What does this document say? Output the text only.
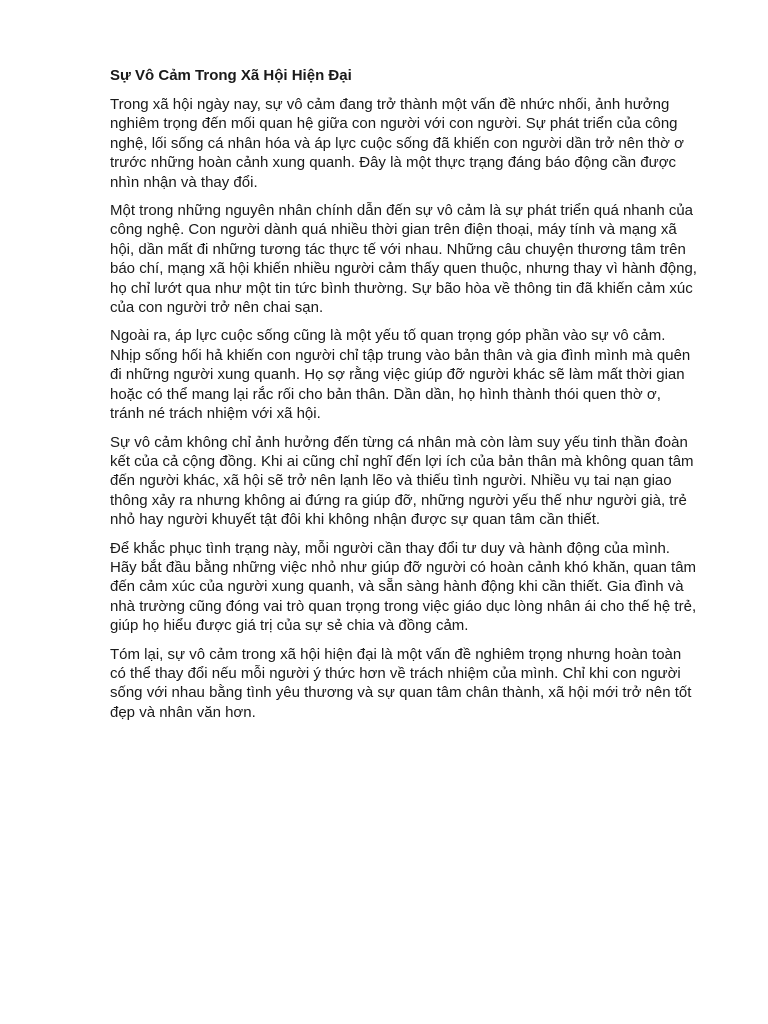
Sự Vô Cảm Trong Xã Hội Hiện Đại

Trong xã hội ngày nay, sự vô cảm đang trở thành một vấn đề nhức nhối, ảnh hưởng nghiêm trọng đến mối quan hệ giữa con người với con người. Sự phát triển của công nghệ, lối sống cá nhân hóa và áp lực cuộc sống đã khiến con người dần trở nên thờ ơ trước những hoàn cảnh xung quanh. Đây là một thực trạng đáng báo động cần được nhìn nhận và thay đổi.

Một trong những nguyên nhân chính dẫn đến sự vô cảm là sự phát triển quá nhanh của công nghệ. Con người dành quá nhiều thời gian trên điện thoại, máy tính và mạng xã hội, dần mất đi những tương tác thực tế với nhau. Những câu chuyện thương tâm trên báo chí, mạng xã hội khiến nhiều người cảm thấy quen thuộc, nhưng thay vì hành động, họ chỉ lướt qua như một tin tức bình thường. Sự bão hòa về thông tin đã khiến cảm xúc của con người trở nên chai sạn.

Ngoài ra, áp lực cuộc sống cũng là một yếu tố quan trọng góp phần vào sự vô cảm. Nhịp sống hối hả khiến con người chỉ tập trung vào bản thân và gia đình mình mà quên đi những người xung quanh. Họ sợ rằng việc giúp đỡ người khác sẽ làm mất thời gian hoặc có thể mang lại rắc rối cho bản thân. Dần dần, họ hình thành thói quen thờ ơ, tránh né trách nhiệm với xã hội.

Sự vô cảm không chỉ ảnh hưởng đến từng cá nhân mà còn làm suy yếu tinh thần đoàn kết của cả cộng đồng. Khi ai cũng chỉ nghĩ đến lợi ích của bản thân mà không quan tâm đến người khác, xã hội sẽ trở nên lạnh lẽo và thiếu tình người. Nhiều vụ tai nạn giao thông xảy ra nhưng không ai đứng ra giúp đỡ, những người yếu thế như người già, trẻ nhỏ hay người khuyết tật đôi khi không nhận được sự quan tâm cần thiết.

Để khắc phục tình trạng này, mỗi người cần thay đổi tư duy và hành động của mình. Hãy bắt đầu bằng những việc nhỏ như giúp đỡ người có hoàn cảnh khó khăn, quan tâm đến cảm xúc của người xung quanh, và sẵn sàng hành động khi cần thiết. Gia đình và nhà trường cũng đóng vai trò quan trọng trong việc giáo dục lòng nhân ái cho thế hệ trẻ, giúp họ hiểu được giá trị của sự sẻ chia và đồng cảm.

Tóm lại, sự vô cảm trong xã hội hiện đại là một vấn đề nghiêm trọng nhưng hoàn toàn có thể thay đổi nếu mỗi người ý thức hơn về trách nhiệm của mình. Chỉ khi con người sống với nhau bằng tình yêu thương và sự quan tâm chân thành, xã hội mới trở nên tốt đẹp và nhân văn hơn.
